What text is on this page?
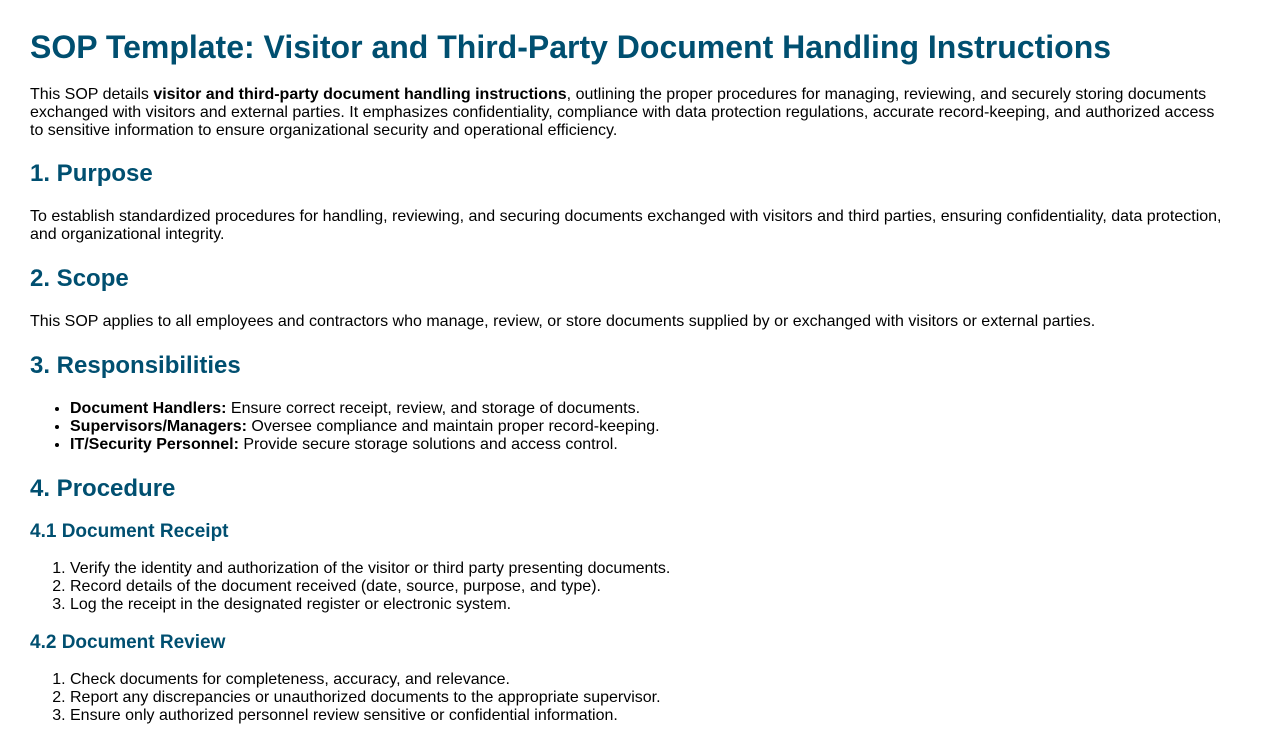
SOP Template: Visitor and Third-Party Document Handling Instructions

This SOP details visitor and third-party document handling instructions, outlining the proper procedures for managing, reviewing, and securely storing documents exchanged with visitors and external parties. It emphasizes confidentiality, compliance with data protection regulations, accurate record-keeping, and authorized access to sensitive information to ensure organizational security and operational efficiency.

1. Purpose

To establish standardized procedures for handling, reviewing, and securing documents exchanged with visitors and third parties, ensuring confidentiality, data protection, and organizational integrity.

2. Scope

This SOP applies to all employees and contractors who manage, review, or store documents supplied by or exchanged with visitors or external parties.

3. Responsibilities
• Document Handlers: Ensure correct receipt, review, and storage of documents.
• Supervisors/Managers: Oversee compliance and maintain proper record-keeping.
• IT/Security Personnel: Provide secure storage solutions and access control.
4. Procedure
4.1 Document Receipt
1. Verify the identity and authorization of the visitor or third party presenting documents.
2. Record details of the document received (date, source, purpose, and type).
3. Log the receipt in the designated register or electronic system.
4.2 Document Review
1. Check documents for completeness, accuracy, and relevance.
2. Report any discrepancies or unauthorized documents to the appropriate supervisor.
3. Ensure only authorized personnel review sensitive or confidential information.
